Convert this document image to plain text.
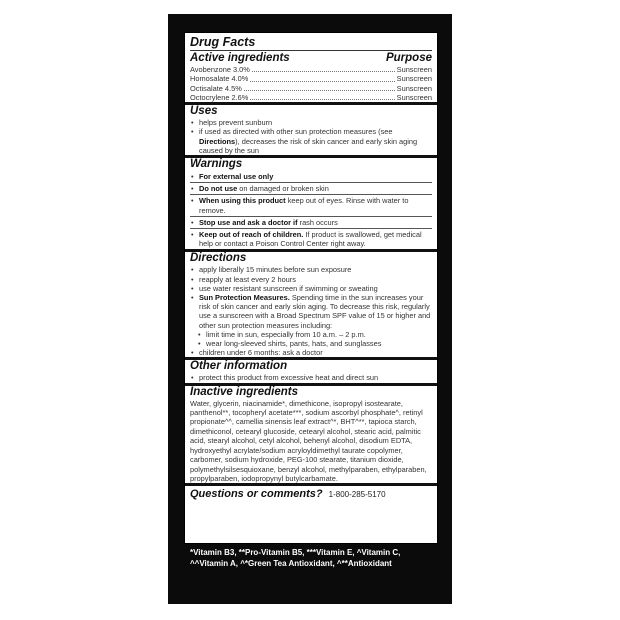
Drug Facts
Active ingredients	Purpose
Avobenzone 3.0%	Sunscreen
Homosalate 4.0%	Sunscreen
Octisalate 4.5%	Sunscreen
Octocrylene 2.6%	Sunscreen
Uses
• helps prevent sunburn
• if used as directed with other sun protection measures (see Directions), decreases the risk of skin cancer and early skin aging caused by the sun
Warnings
• For external use only
• Do not use on damaged or broken skin
• When using this product keep out of eyes. Rinse with water to remove.
• Stop use and ask a doctor if rash occurs
• Keep out of reach of children. If product is swallowed, get medical help or contact a Poison Control Center right away.
Directions
• apply liberally 15 minutes before sun exposure
• reapply at least every 2 hours
• use water resistant sunscreen if swimming or sweating
• Sun Protection Measures. Spending time in the sun increases your risk of skin cancer and early skin aging. To decrease this risk, regularly use a sunscreen with a Broad Spectrum SPF value of 15 or higher and other sun protection measures including:
• limit time in sun, especially from 10 a.m. – 2 p.m.
• wear long-sleeved shirts, pants, hats, and sunglasses
• children under 6 months: ask a doctor
Other information
• protect this product from excessive heat and direct sun
Inactive ingredients
Water, glycerin, niacinamide*, dimethicone, isopropyl isostearate, panthenol**, tocopheryl acetate***, sodium ascorbyl phosphate^, retinyl propionate^^, camellia sinensis leaf extract^*, BHT^**, tapioca starch, dimethiconol, cetearyl glucoside, cetearyl alcohol, stearic acid, palmitic acid, stearyl alcohol, cetyl alcohol, behenyl alcohol, disodium EDTA, hydroxyethyl acrylate/sodium acryloyldimethyl taurate copolymer, carbomer, sodium hydroxide, PEG-100 stearate, titanium dioxide, polymethylsilsesquioxane, benzyl alcohol, methylparaben, ethylparaben, propylparaben, iodopropynyl butylcarbamate.
Questions or comments? 1-800-285-5170
*Vitamin B3, **Pro-Vitamin B5, ***Vitamin E, ^Vitamin C,
^^Vitamin A, ^*Green Tea Antioxidant, ^**Antioxidant
